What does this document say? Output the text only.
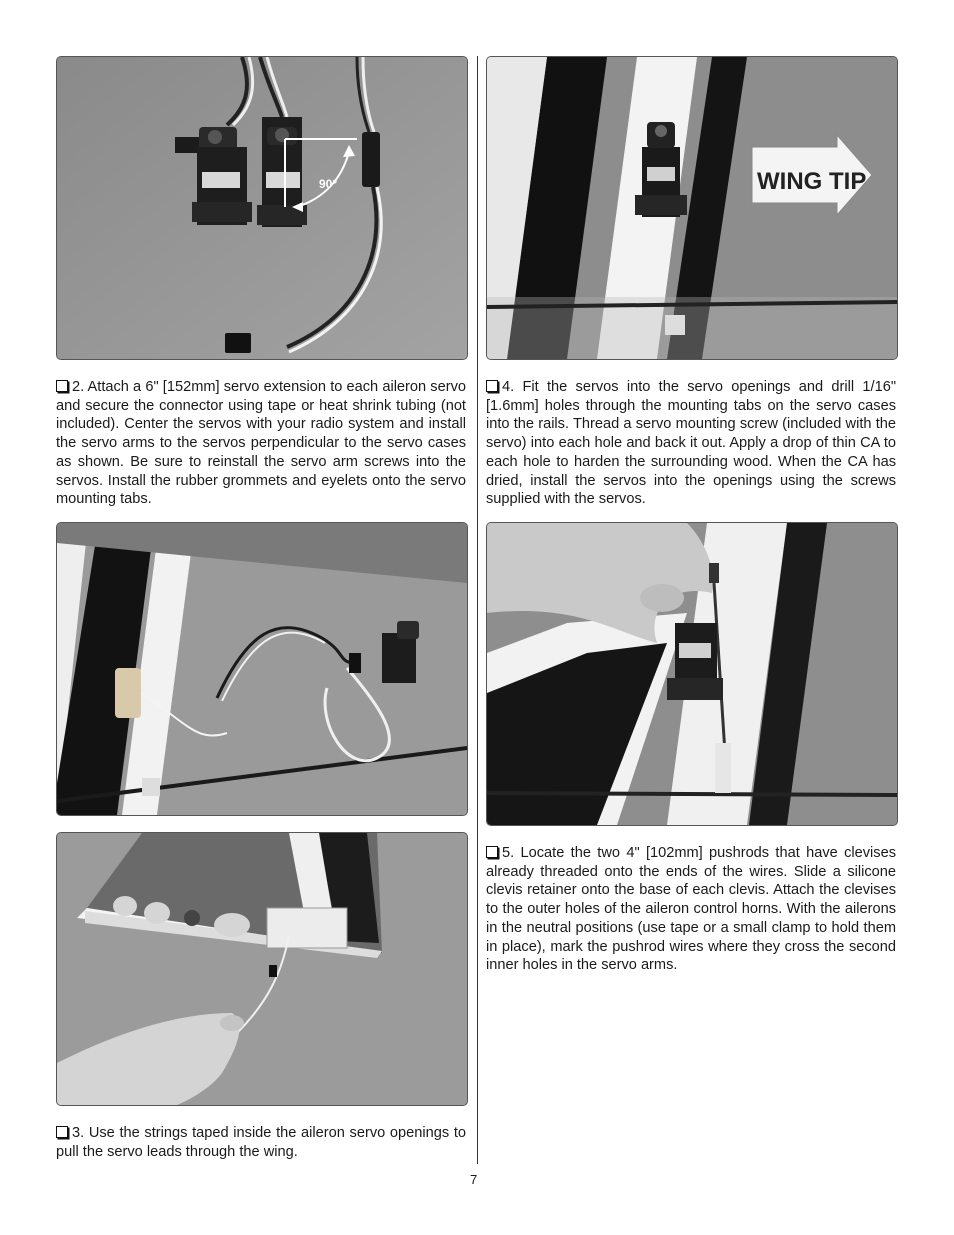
90°	WING TIP

2. Attach a 6" [152mm] servo extension to each aileron servo and secure the connector using tape or heat shrink tubing (not included). Center the servos with your radio system and install the servo arms to the servos perpendicular to the servo cases as shown. Be sure to reinstall the servo arm screws into the servos. Install the rubber grommets and eyelets onto the servo mounting tabs.

4. Fit the servos into the servo openings and drill 1/16" [1.6mm] holes through the mounting tabs on the servo cases into the rails. Thread a servo mounting screw (included with the servo) into each hole and back it out. Apply a drop of thin CA to each hole to harden the surrounding wood. When the CA has dried, install the servos into the openings using the screws supplied with the servos.

5. Locate the two 4" [102mm] pushrods that have clevises already threaded onto the ends of the wires. Slide a silicone clevis retainer onto the base of each clevis. Attach the clevises to the outer holes of the aileron control horns. With the ailerons in the neutral positions (use tape or a small clamp to hold them in place), mark the pushrod wires where they cross the second inner holes in the servo arms.

3. Use the strings taped inside the aileron servo openings to pull the servo leads through the wing.

7
